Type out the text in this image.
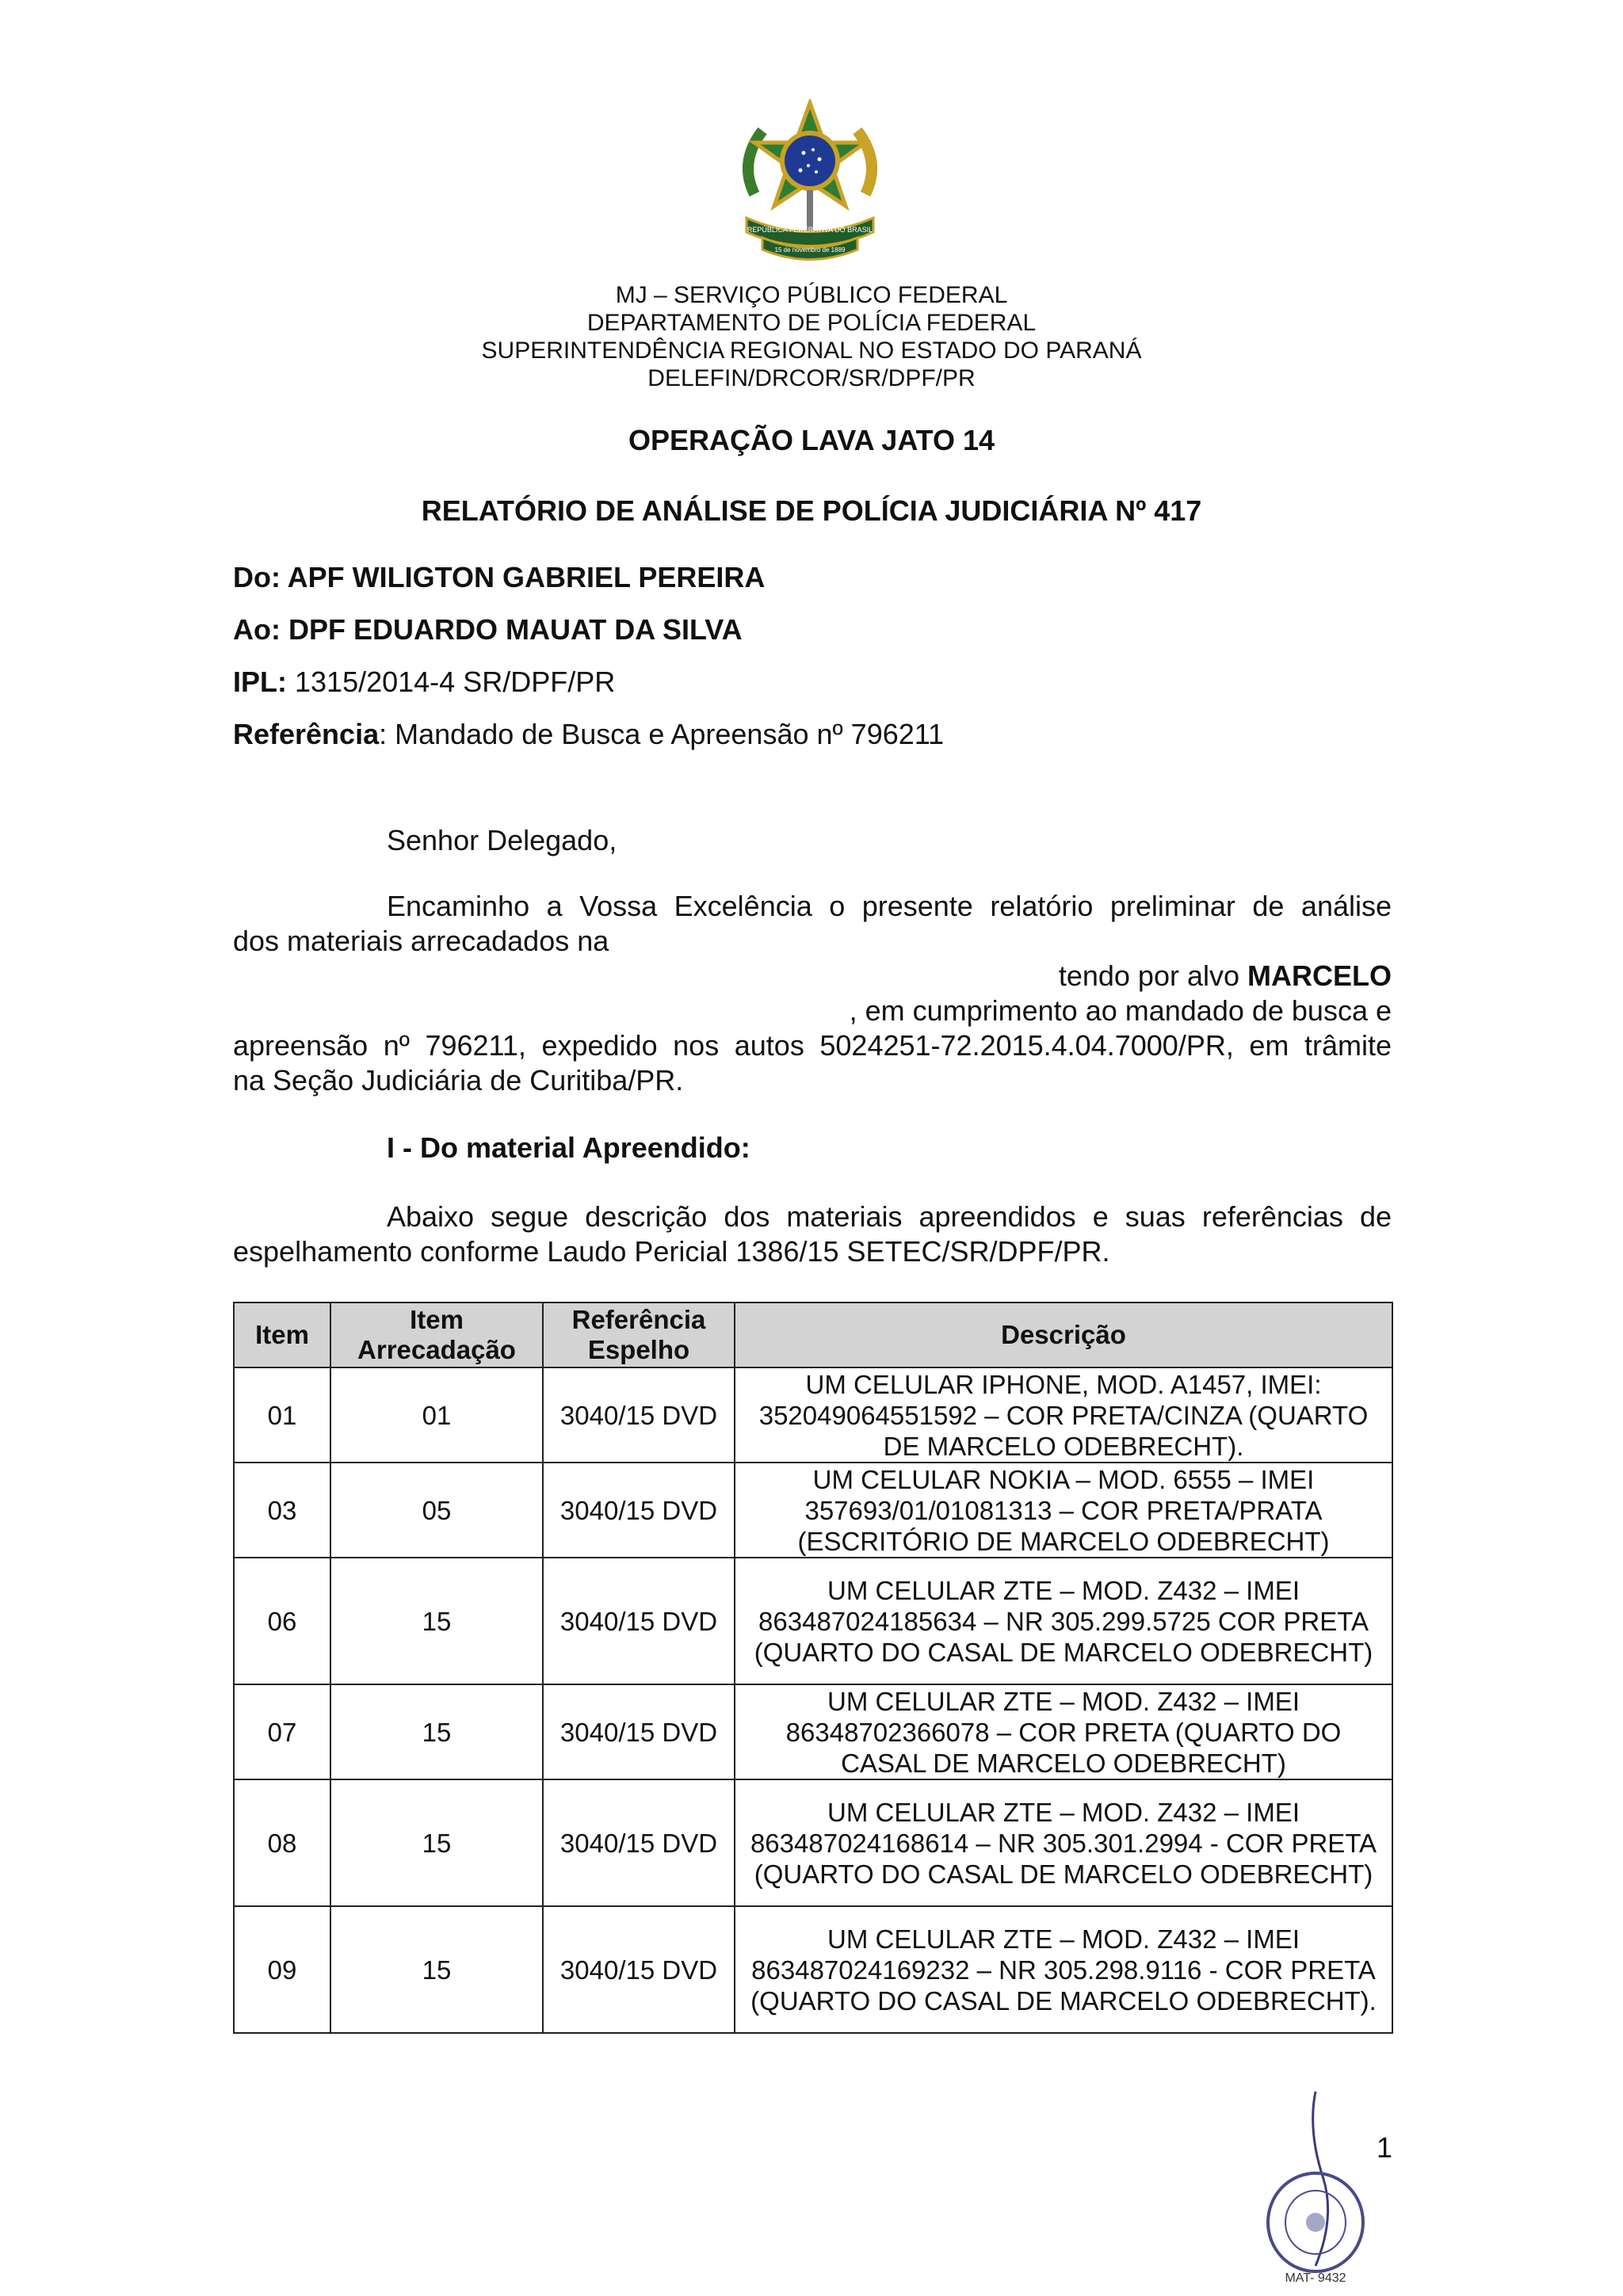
REPÚBLICA FEDERATIVA DO BRASIL
15 de novembro de 1889
MJ – SERVIÇO PÚBLICO FEDERAL
DEPARTAMENTO DE POLÍCIA FEDERAL
SUPERINTENDÊNCIA REGIONAL NO ESTADO DO PARANÁ
DELEFIN/DRCOR/SR/DPF/PR
OPERAÇÃO LAVA JATO 14
RELATÓRIO DE ANÁLISE DE POLÍCIA JUDICIÁRIA Nº 417
Do: APF WILIGTON GABRIEL PEREIRA
Ao: DPF EDUARDO MAUAT DA SILVA
IPL: 1315/2014-4 SR/DPF/PR
Referência: Mandado de Busca e Apreensão nº 796211
Senhor Delegado,
Encaminho a Vossa Excelência o presente relatório preliminar de análise
dos materiais arrecadados na
tendo por alvo MARCELO
, em cumprimento ao mandado de busca e
apreensão nº 796211, expedido nos autos 5024251-72.2015.4.04.7000/PR, em trâmite
na Seção Judiciária de Curitiba/PR.
I - Do material Apreendido:
Abaixo segue descrição dos materiais apreendidos e suas referências de
espelhamento conforme Laudo Pericial 1386/15 SETEC/SR/DPF/PR.
Item	Item Arrecadação	Referência Espelho	Descrição
01	01	3040/15 DVD	UM CELULAR IPHONE, MOD. A1457, IMEI: 352049064551592 – COR PRETA/CINZA (QUARTO DE MARCELO ODEBRECHT).
03	05	3040/15 DVD	UM CELULAR NOKIA – MOD. 6555 – IMEI 357693/01/01081313 – COR PRETA/PRATA (ESCRITÓRIO DE MARCELO ODEBRECHT)
06	15	3040/15 DVD	UM CELULAR ZTE – MOD. Z432 – IMEI 863487024185634 – NR 305.299.5725 COR PRETA (QUARTO DO CASAL DE MARCELO ODEBRECHT)
07	15	3040/15 DVD	UM CELULAR ZTE – MOD. Z432 – IMEI 86348702366078 – COR PRETA (QUARTO DO CASAL DE MARCELO ODEBRECHT)
08	15	3040/15 DVD	UM CELULAR ZTE – MOD. Z432 – IMEI 863487024168614 – NR 305.301.2994 - COR PRETA (QUARTO DO CASAL DE MARCELO ODEBRECHT)
09	15	3040/15 DVD	UM CELULAR ZTE – MOD. Z432 – IMEI 863487024169232 – NR 305.298.9116 - COR PRETA (QUARTO DO CASAL DE MARCELO ODEBRECHT).
MAT- 9432
1
